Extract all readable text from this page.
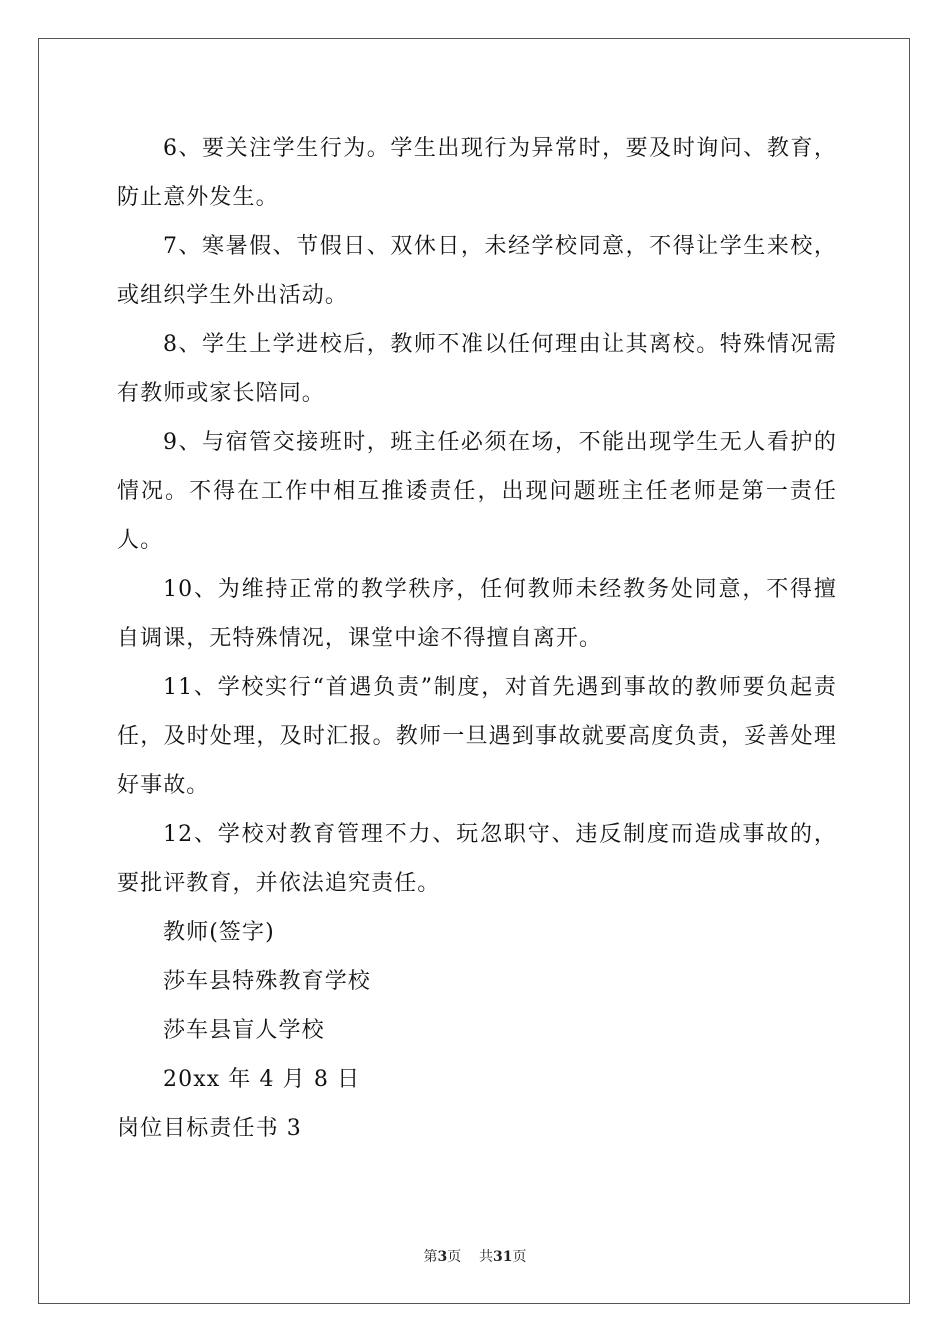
6、要关注学生行为。学生出现行为异常时，要及时询问、教育，防止意外发生。

7、寒暑假、节假日、双休日，未经学校同意，不得让学生来校，或组织学生外出活动。

8、学生上学进校后，教师不准以任何理由让其离校。特殊情况需有教师或家长陪同。

9、与宿管交接班时，班主任必须在场，不能出现学生无人看护的情况。不得在工作中相互推诿责任，出现问题班主任老师是第一责任人。

10、为维持正常的教学秩序，任何教师未经教务处同意，不得擅自调课，无特殊情况，课堂中途不得擅自离开。

11、学校实行“首遇负责”制度，对首先遇到事故的教师要负起责任，及时处理，及时汇报。教师一旦遇到事故就要高度负责，妥善处理好事故。

12、学校对教育管理不力、玩忽职守、违反制度而造成事故的，要批评教育，并依法追究责任。

教师(签字)

莎车县特殊教育学校

莎车县盲人学校

20xx 年 4 月 8 日

岗位目标责任书 3

第3页 共31页
